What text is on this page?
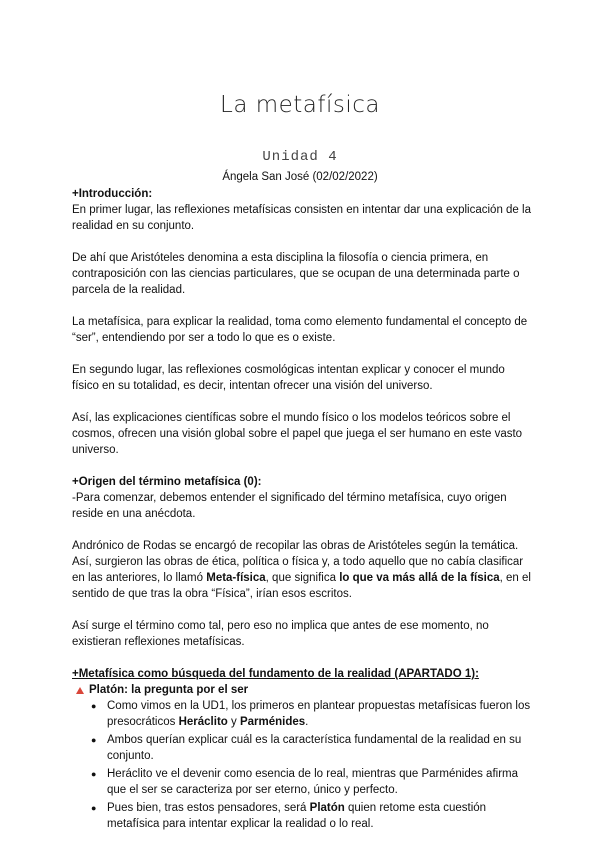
La metafísica
Unidad 4
Ángela San José (02/02/2022)
+Introducción:

En primer lugar, las reflexiones metafísicas consisten en intentar dar una explicación de la realidad en su conjunto.

De ahí que Aristóteles denomina a esta disciplina la filosofía o ciencia primera, en contraposición con las ciencias particulares, que se ocupan de una determinada parte o parcela de la realidad.

La metafísica, para explicar la realidad, toma como elemento fundamental el concepto de “ser”, entendiendo por ser a todo lo que es o existe.

En segundo lugar, las reflexiones cosmológicas intentan explicar y conocer el mundo físico en su totalidad, es decir, intentan ofrecer una visión del universo.

Así, las explicaciones científicas sobre el mundo físico o los modelos teóricos sobre el cosmos, ofrecen una visión global sobre el papel que juega el ser humano en este vasto universo.

+Origen del término metafísica (0):

-Para comenzar, debemos entender el significado del término metafísica, cuyo origen reside en una anécdota.

Andrónico de Rodas se encargó de recopilar las obras de Aristóteles según la temática. Así, surgieron las obras de ética, política o física y, a todo aquello que no cabía clasificar en las anteriores, lo llamó Meta-física, que significa lo que va más allá de la física, en el sentido de que tras la obra “Física”, irían esos escritos.

Así surge el término como tal, pero eso no implica que antes de ese momento, no existieran reflexiones metafísicas.

+Metafísica como búsqueda del fundamento de la realidad (APARTADO 1):
Platón: la pregunta por el ser
● Como vimos en la UD1, los primeros en plantear propuestas metafísicas fueron los presocráticos Heráclito y Parménides.
● Ambos querían explicar cuál es la característica fundamental de la realidad en su conjunto.
● Heráclito ve el devenir como esencia de lo real, mientras que Parménides afirma que el ser se caracteriza por ser eterno, único y perfecto.
● Pues bien, tras estos pensadores, será Platón quien retome esta cuestión metafísica para intentar explicar la realidad o lo real.
